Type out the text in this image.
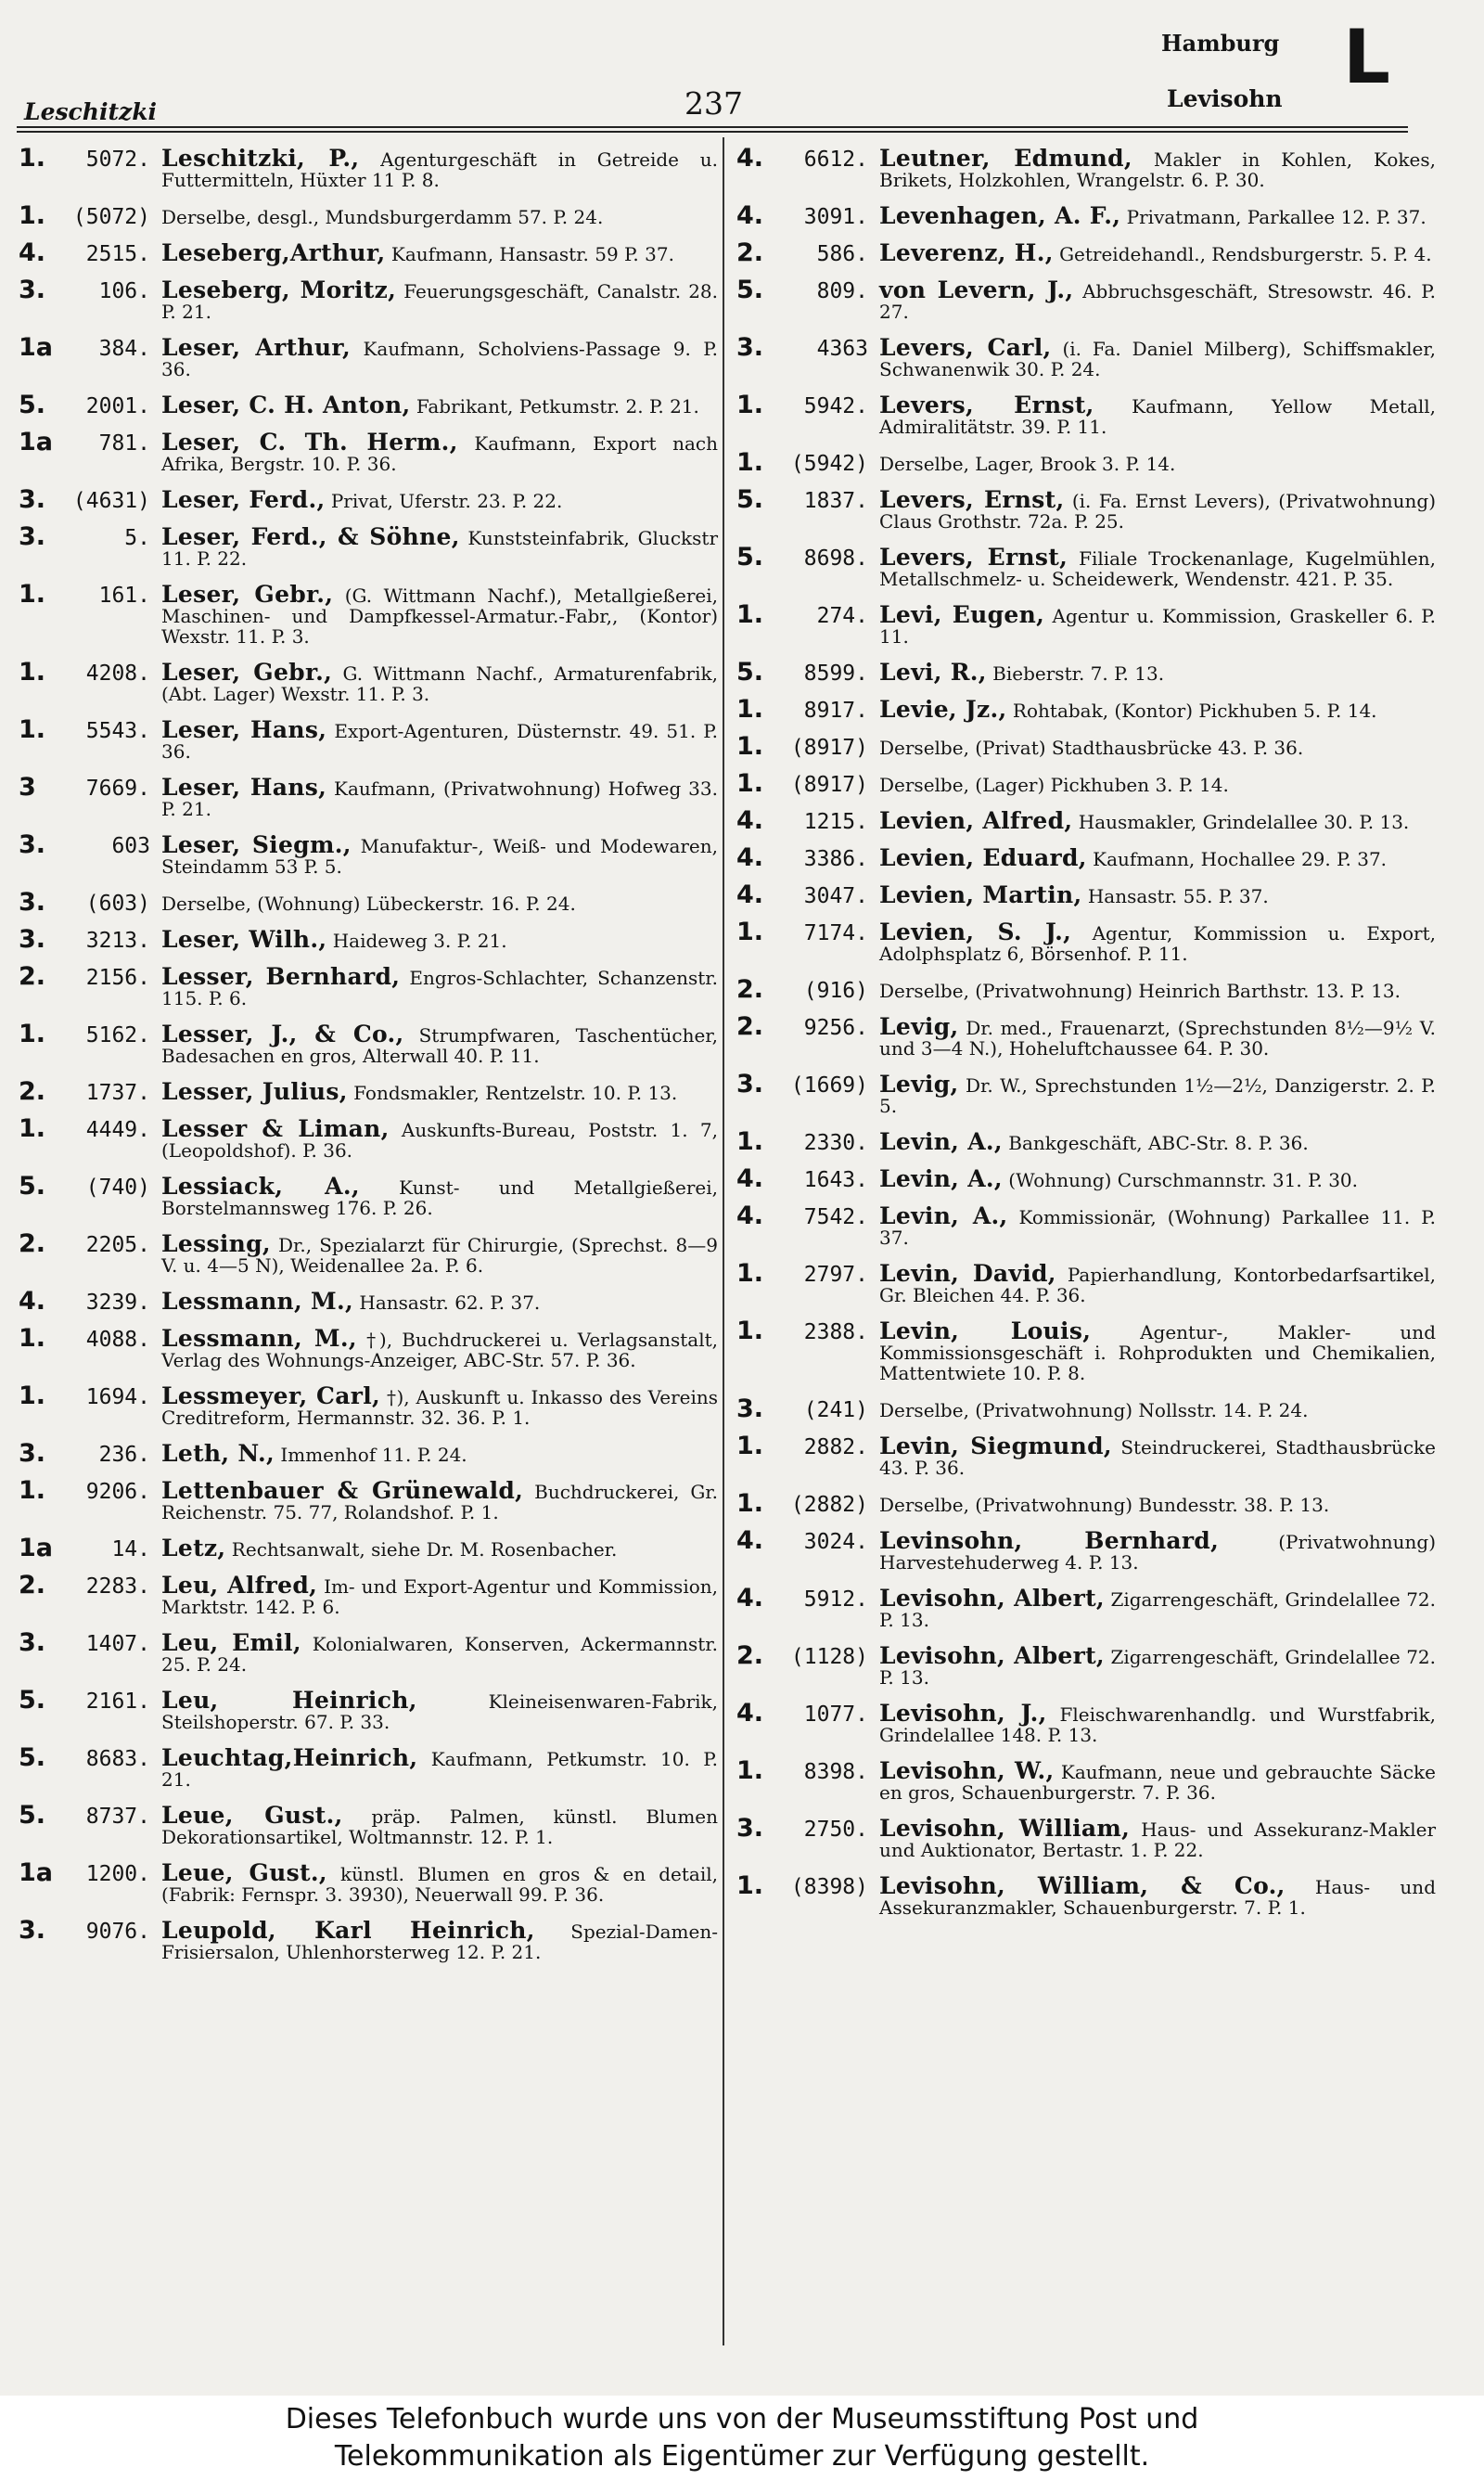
Leschitzki	237
Hamburg
Levisohn L
1.	5072. Leschitzki, P., Agenturgeschäft in Getreide u. Futtermitteln, Hüxter 11 P. 8.
1.	(5072) Derselbe, desgl., Mundsburgerdamm 57. P. 24.
4.	2515. Leseberg,Arthur, Kaufmann, Hansastr. 59 P. 37.
3.	106. Leseberg, Moritz, Feuerungsgeschäft, Canalstr. 28. P. 21.
1a	384. Leser, Arthur, Kaufmann, Scholviens-Passage 9. P. 36.
5.	2001. Leser, C. H. Anton, Fabrikant, Petkumstr. 2. P. 21.
1a	781. Leser, C. Th. Herm., Kaufmann, Export nach Afrika, Bergstr. 10. P. 36.
3.	(4631) Leser, Ferd., Privat, Uferstr. 23. P. 22.
3.	5. Leser, Ferd., & Söhne, Kunststeinfabrik, Gluckstr 11. P. 22.
1.	161. Leser, Gebr., (G. Wittmann Nachf.), Metallgießerei, Maschinen- und Dampfkessel-Armatur.-Fabr,, (Kontor) Wexstr. 11. P. 3.
1.	4208. Leser, Gebr., G. Wittmann Nachf., Armaturenfabrik, (Abt. Lager) Wexstr. 11. P. 3.
1.	5543. Leser, Hans, Export-Agenturen, Düsternstr. 49. 51. P. 36.
3	7669. Leser, Hans, Kaufmann, (Privatwohnung) Hofweg 33. P. 21.
3.	603 Leser, Siegm., Manufaktur-, Weiß- und Modewaren, Steindamm 53 P. 5.
3.	(603) Derselbe, (Wohnung) Lübeckerstr. 16. P. 24.
3.	3213. Leser, Wilh., Haideweg 3. P. 21.
2.	2156. Lesser, Bernhard, Engros-Schlachter, Schanzenstr. 115. P. 6.
1.	5162. Lesser, J., & Co., Strumpfwaren, Taschentücher, Badesachen en gros, Alterwall 40. P. 11.
2.	1737. Lesser, Julius, Fondsmakler, Rentzelstr. 10. P. 13.
1.	4449. Lesser & Liman, Auskunfts-Bureau, Poststr. 1. 7, (Leopoldshof). P. 36.
5.	(740) Lessiack, A., Kunst- und Metallgießerei, Borstelmannsweg 176. P. 26.
2.	2205. Lessing, Dr., Spezialarzt für Chirurgie, (Sprechst. 8—9 V. u. 4—5 N), Weidenallee 2a. P. 6.
4.	3239. Lessmann, M., Hansastr. 62. P. 37.
1.	4088. Lessmann, M., †), Buchdruckerei u. Verlagsanstalt, Verlag des Wohnungs-Anzeiger, ABC-Str. 57. P. 36.
1.	1694. Lessmeyer, Carl, †), Auskunft u. Inkasso des Vereins Creditreform, Hermannstr. 32. 36. P. 1.
3.	236. Leth, N., Immenhof 11. P. 24.
1.	9206. Lettenbauer & Grünewald, Buchdruckerei, Gr. Reichenstr. 75. 77, Rolandshof. P. 1.
1a	14. Letz, Rechtsanwalt, siehe Dr. M. Rosenbacher.
2.	2283. Leu, Alfred, Im- und Export-Agentur und Kommission, Marktstr. 142. P. 6.
3.	1407. Leu, Emil, Kolonialwaren, Konserven, Ackermannstr. 25. P. 24.
5.	2161. Leu, Heinrich,	Kleineisenwaren-Fabrik, Steilshoperstr. 67. P. 33.
5.	8683. Leuchtag,Heinrich, Kaufmann, Petkumstr. 10. P. 21.
5.	8737. Leue, Gust., präp. Palmen, künstl. Blumen Dekorationsartikel, Woltmannstr. 12. P. 1.
1a	1200. Leue, Gust., künstl. Blumen en gros & en detail, (Fabrik: Fernspr. 3. 3930), Neuerwall 99. P. 36.
3.	9076. Leupold, Karl Heinrich, Spezial-Damen-Frisiersalon, Uhlenhorsterweg 12. P. 21.
4.	6612. Leutner, Edmund, Makler in Kohlen, Kokes, Brikets, Holzkohlen, Wrangelstr. 6. P. 30.
4.	3091. Levenhagen, A. F., Privatmann, Parkallee 12. P. 37.
2.	586. Leverenz, H., Getreidehandl., Rendsburgerstr. 5. P. 4.
5.	809. von Levern, J., Abbruchsgeschäft, Stresowstr. 46. P. 27.
3.	4363 Levers, Carl, (i. Fa. Daniel Milberg), Schiffsmakler, Schwanenwik 30. P. 24.
1.	5942. Levers, Ernst, Kaufmann, Yellow Metall, Admiralitätstr. 39. P. 11.
1.	(5942) Derselbe, Lager, Brook 3. P. 14.
5.	1837. Levers, Ernst, (i. Fa. Ernst Levers), (Privatwohnung) Claus Grothstr. 72a. P. 25.
5.	8698. Levers, Ernst, Filiale Trockenanlage, Kugelmühlen, Metallschmelz- u. Scheidewerk, Wendenstr. 421. P. 35.
1.	274. Levi, Eugen, Agentur u. Kommission, Graskeller 6. P. 11.
5.	8599. Levi, R., Bieberstr. 7. P. 13.
1.	8917. Levie, Jz., Rohtabak, (Kontor) Pickhuben 5. P. 14.
1.	(8917) Derselbe, (Privat) Stadthausbrücke 43. P. 36.
1.	(8917) Derselbe, (Lager) Pickhuben 3. P. 14.
4.	1215. Levien, Alfred, Hausmakler, Grindelallee 30. P. 13.
4.	3386. Levien, Eduard, Kaufmann, Hochallee 29. P. 37.
4.	3047. Levien, Martin, Hansastr. 55. P. 37.
1.	7174. Levien, S. J., Agentur, Kommission u. Export, Adolphsplatz 6, Börsenhof. P. 11.
2.	(916) Derselbe, (Privatwohnung) Heinrich Barthstr. 13. P. 13.
2.	9256. Levig, Dr. med., Frauenarzt, (Sprechstunden 8½—9½ V. und 3—4 N.), Hoheluftchaussee 64. P. 30.
3.	(1669) Levig, Dr. W., Sprechstunden 1½—2½, Danzigerstr. 2. P. 5.
1.	2330. Levin, A., Bankgeschäft, ABC-Str. 8. P. 36.
4.	1643. Levin, A., (Wohnung) Curschmannstr. 31. P. 30.
4.	7542. Levin, A., Kommissionär, (Wohnung) Parkallee 11. P. 37.
1.	2797. Levin, David, Papierhandlung, Kontorbedarfsartikel, Gr. Bleichen 44. P. 36.
1.	2388. Levin, Louis,	Agentur-, Makler- und Kommissionsgeschäft i. Rohprodukten und Chemikalien, Mattentwiete 10. P. 8.
3.	(241) Derselbe, (Privatwohnung) Nollsstr. 14. P. 24.
1.	2882. Levin, Siegmund, Steindruckerei, Stadthausbrücke 43. P. 36.
1.	(2882) Derselbe, (Privatwohnung) Bundesstr. 38. P. 13.
4.	3024. Levinsohn, Bernhard,	(Privatwohnung) Harvestehuderweg 4. P. 13.
4.	5912. Levisohn, Albert, Zigarrengeschäft, Grindelallee 72. P. 13.
2.	(1128) Levisohn, Albert, Zigarrengeschäft, Grindelallee 72. P. 13.
4.	1077. Levisohn, J., Fleischwarenhandlg. und Wurstfabrik, Grindelallee 148. P. 13.
1.	8398. Levisohn, W., Kaufmann, neue und gebrauchte Säcke en gros, Schauenburgerstr. 7. P. 36.
3.	2750. Levisohn, William, Haus- und Assekuranz-Makler und Auktionator, Bertastr. 1. P. 22.
1.	(8398) Levisohn, William, & Co., Haus- und Assekuranzmakler, Schauenburgerstr. 7. P. 1.
Dieses Telefonbuch wurde uns von der Museumsstiftung Post und
Telekommunikation als Eigentümer zur Verfügung gestellt.
